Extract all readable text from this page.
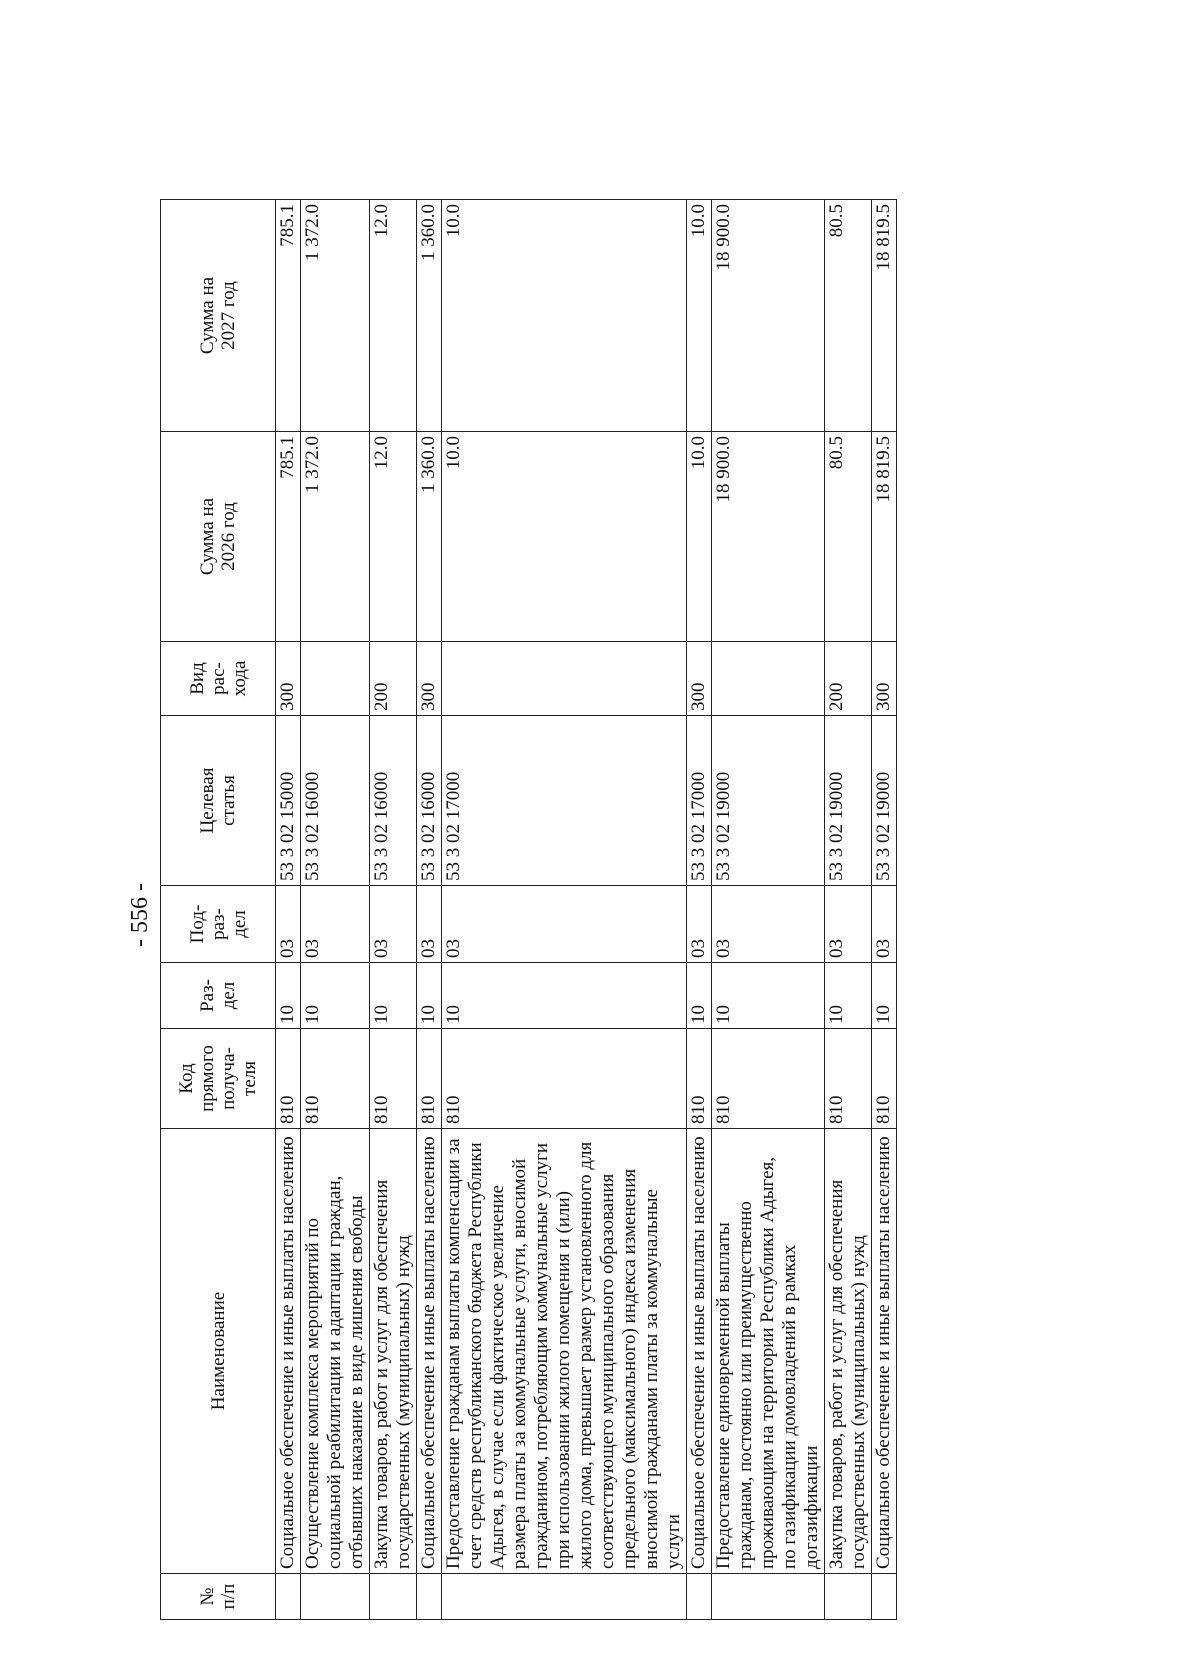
- 556 -
№
п/п	Наименование	Код
прямого
получа-
теля	Раз-
дел	Под-
раз-
дел	Целевая
статья	Вид
рас-
хода	Сумма на
2026 год	Сумма на
2027 год
	Социальное обеспечение и иные выплаты населению	810	10	03	53 3 02 15000	300	785.1	785.1
	Осуществление комплекса мероприятий по социальной реабилитации и адаптации граждан, отбывших наказание в виде лишения свободы	810	10	03	53 3 02 16000		1 372.0	1 372.0
	Закупка товаров, работ и услуг для обеспечения государственных (муниципальных) нужд	810	10	03	53 3 02 16000	200	12.0	12.0
	Социальное обеспечение и иные выплаты населению	810	10	03	53 3 02 16000	300	1 360.0	1 360.0
	Предоставление гражданам выплаты компенсации за счет средств республиканского бюджета Республики Адыгея, в случае если фактическое увеличение размера платы за коммунальные услуги, вносимой гражданином, потребляющим коммунальные услуги при использовании жилого помещения и (или) жилого дома, превышает размер установленного для соответствующего муниципального образования предельного (максимального) индекса изменения вносимой гражданами платы за коммунальные услуги	810	10	03	53 3 02 17000		10.0	10.0
	Социальное обеспечение и иные выплаты населению	810	10	03	53 3 02 17000	300	10.0	10.0
	Предоставление единовременной выплаты гражданам, постоянно или преимущественно проживающим на территории Республики Адыгея, по газификации домовладений в рамках догазификации	810	10	03	53 3 02 19000		18 900.0	18 900.0
	Закупка товаров, работ и услуг для обеспечения государственных (муниципальных) нужд	810	10	03	53 3 02 19000	200	80.5	80.5
	Социальное обеспечение и иные выплаты населению	810	10	03	53 3 02 19000	300	18 819.5	18 819.5
